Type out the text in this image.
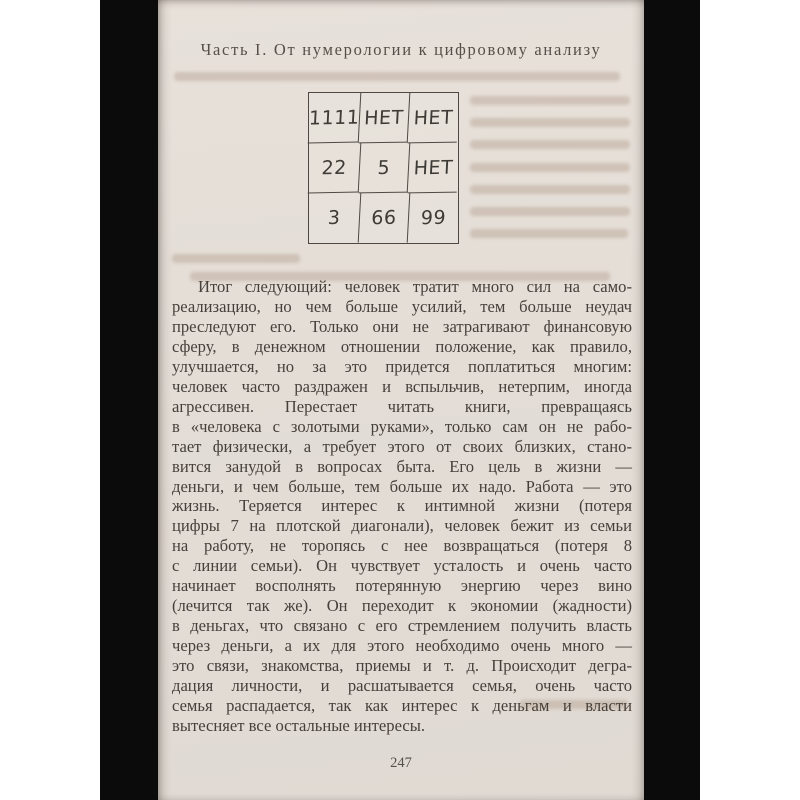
Часть I. От нумерологии к цифровому анализу
1111 НЕТ НЕТ
22	5	НЕТ
3	66	99
Итог следующий: человек тратит много сил на само-
реализацию, но чем больше усилий, тем больше неудач
преследуют его. Только они не затрагивают финансовую
сферу, в денежном отношении положение, как правило,
улучшается, но за это придется поплатиться многим:
человек часто раздражен и вспыльчив, нетерпим, иногда
агрессивен. Перестает читать книги, превращаясь
в «человека с золотыми руками», только сам он не рабо-
тает физически, а требует этого от своих близких, стано-
вится занудой в вопросах быта. Его цель в жизни —
деньги, и чем больше, тем больше их надо. Работа — это
жизнь. Теряется интерес к интимной жизни (потеря
цифры 7 на плотской диагонали), человек бежит из семьи
на работу, не торопясь с нее возвращаться (потеря 8
с линии семьи). Он чувствует усталость и очень часто
начинает восполнять потерянную энергию через вино
(лечится так же). Он переходит к экономии (жадности)
в деньгах, что связано с его стремлением получить власть
через деньги, а их для этого необходимо очень много —
это связи, знакомства, приемы и т. д. Происходит дегра-
дация личности, и расшатывается семья, очень часто
семья распадается, так как интерес к деньгам и власти
вытесняет все остальные интересы.
247
